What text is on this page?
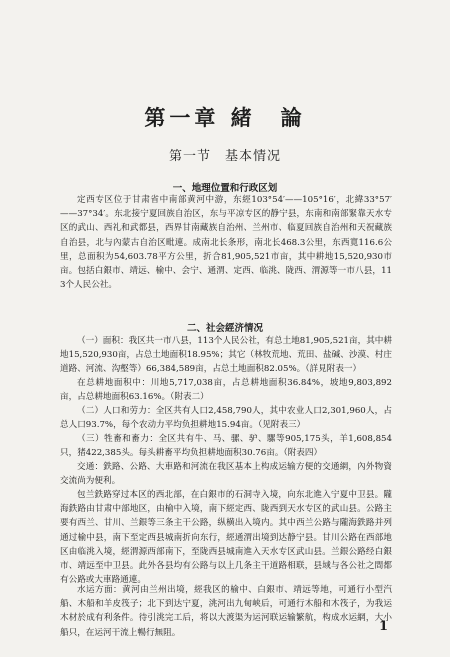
第一章 緒　論
第一节　基本情况
一、地理位置和行政区划

定西专区位于甘肃省中南部黄河中游，东經103°54′——105°16′，北緯33°57′——37°34′。东北接宁夏回族自治区，东与平凉专区的静宁县，东南和南部緊靠天水专区的武山、西礼和武都县，西界甘南藏族自治州、兰州市、临夏回族自治州和天祝藏族自治县，北与內蒙古自治区毗連。成南北长条形，南北长468.3公里，东西寬116.6公里，总面积为54,603.78平方公里，折合81,905,521市亩，其中耕地15,520,930市亩。包括白銀市、靖远、榆中、会宁、通渭、定西、临洮、陇西、渭源等一市八县，113个人民公社。

二、社会經济情况

（一）面积：我区共一市八县，113个人民公社，有总土地81,905,521亩，其中耕地15,520,930亩，占总土地面积18.95%；其它（林牧荒地、荒田、盐碱、沙漠、村庄道路、河流、沟壑等）66,384,589亩，占总土地面积82.05%。（詳見附表一）

在总耕地面积中：川地5,717,038亩，占总耕地面积36.84%，坡地9,803,892亩，占总耕地面积63.16%。（附表二）

（二）人口和劳力：全区共有人口2,458,790人，其中农业人口2,301,960人，占总人口93.7%，每个农动力平均负担耕地15.94亩。（见附表三）

（三）牲畜和畜力：全区共有牛、马、骡、驴、騾等905,175头，羊1,608,854只，猪422,385头。每头耕畜平均负担耕地面积30.76亩。（附表四）

交通：鉄路、公路、大車路和河流在我区基本上构成运输方便的交通網，內外物資交流尚为便利。

包兰鉄路穿过本区的西北部，在白銀市的石洞寺入境，向东北進入宁夏中卫县。隴海鉄路由甘肃中部地区，由榆中入境，南下經定西、陇西到天水专区的武山县。公路主要有西兰、甘川、兰銀等三条主干公路，纵横出入境内。其中西兰公路与隴海鉄路并列通过榆中县，南下至定西县城南折向东行，經通渭出境到达静宁县。甘川公路在西部地区由临洮入境，經渭源西部南下，至陇西县城南進入天水专区武山县。兰銀公路经白銀市、靖远至中卫县。此外各县均有公路与以上几条主干道路相联，县域与各公社之間都有公路或大車路通連。

水运方面：黄河由兰州出境，經我区的榆中、白銀市、靖远等地，可通行小型汽船、木船和羊皮筏子；北下到达宁夏，洮河出九甸峡后，可通行木船和木筏子，为我运木材於成有利条件。待引洮完工后，将以大渡渠为运河联运输繁航，构成水运網，大小船只，在运河干流上暢行無阻。	1
